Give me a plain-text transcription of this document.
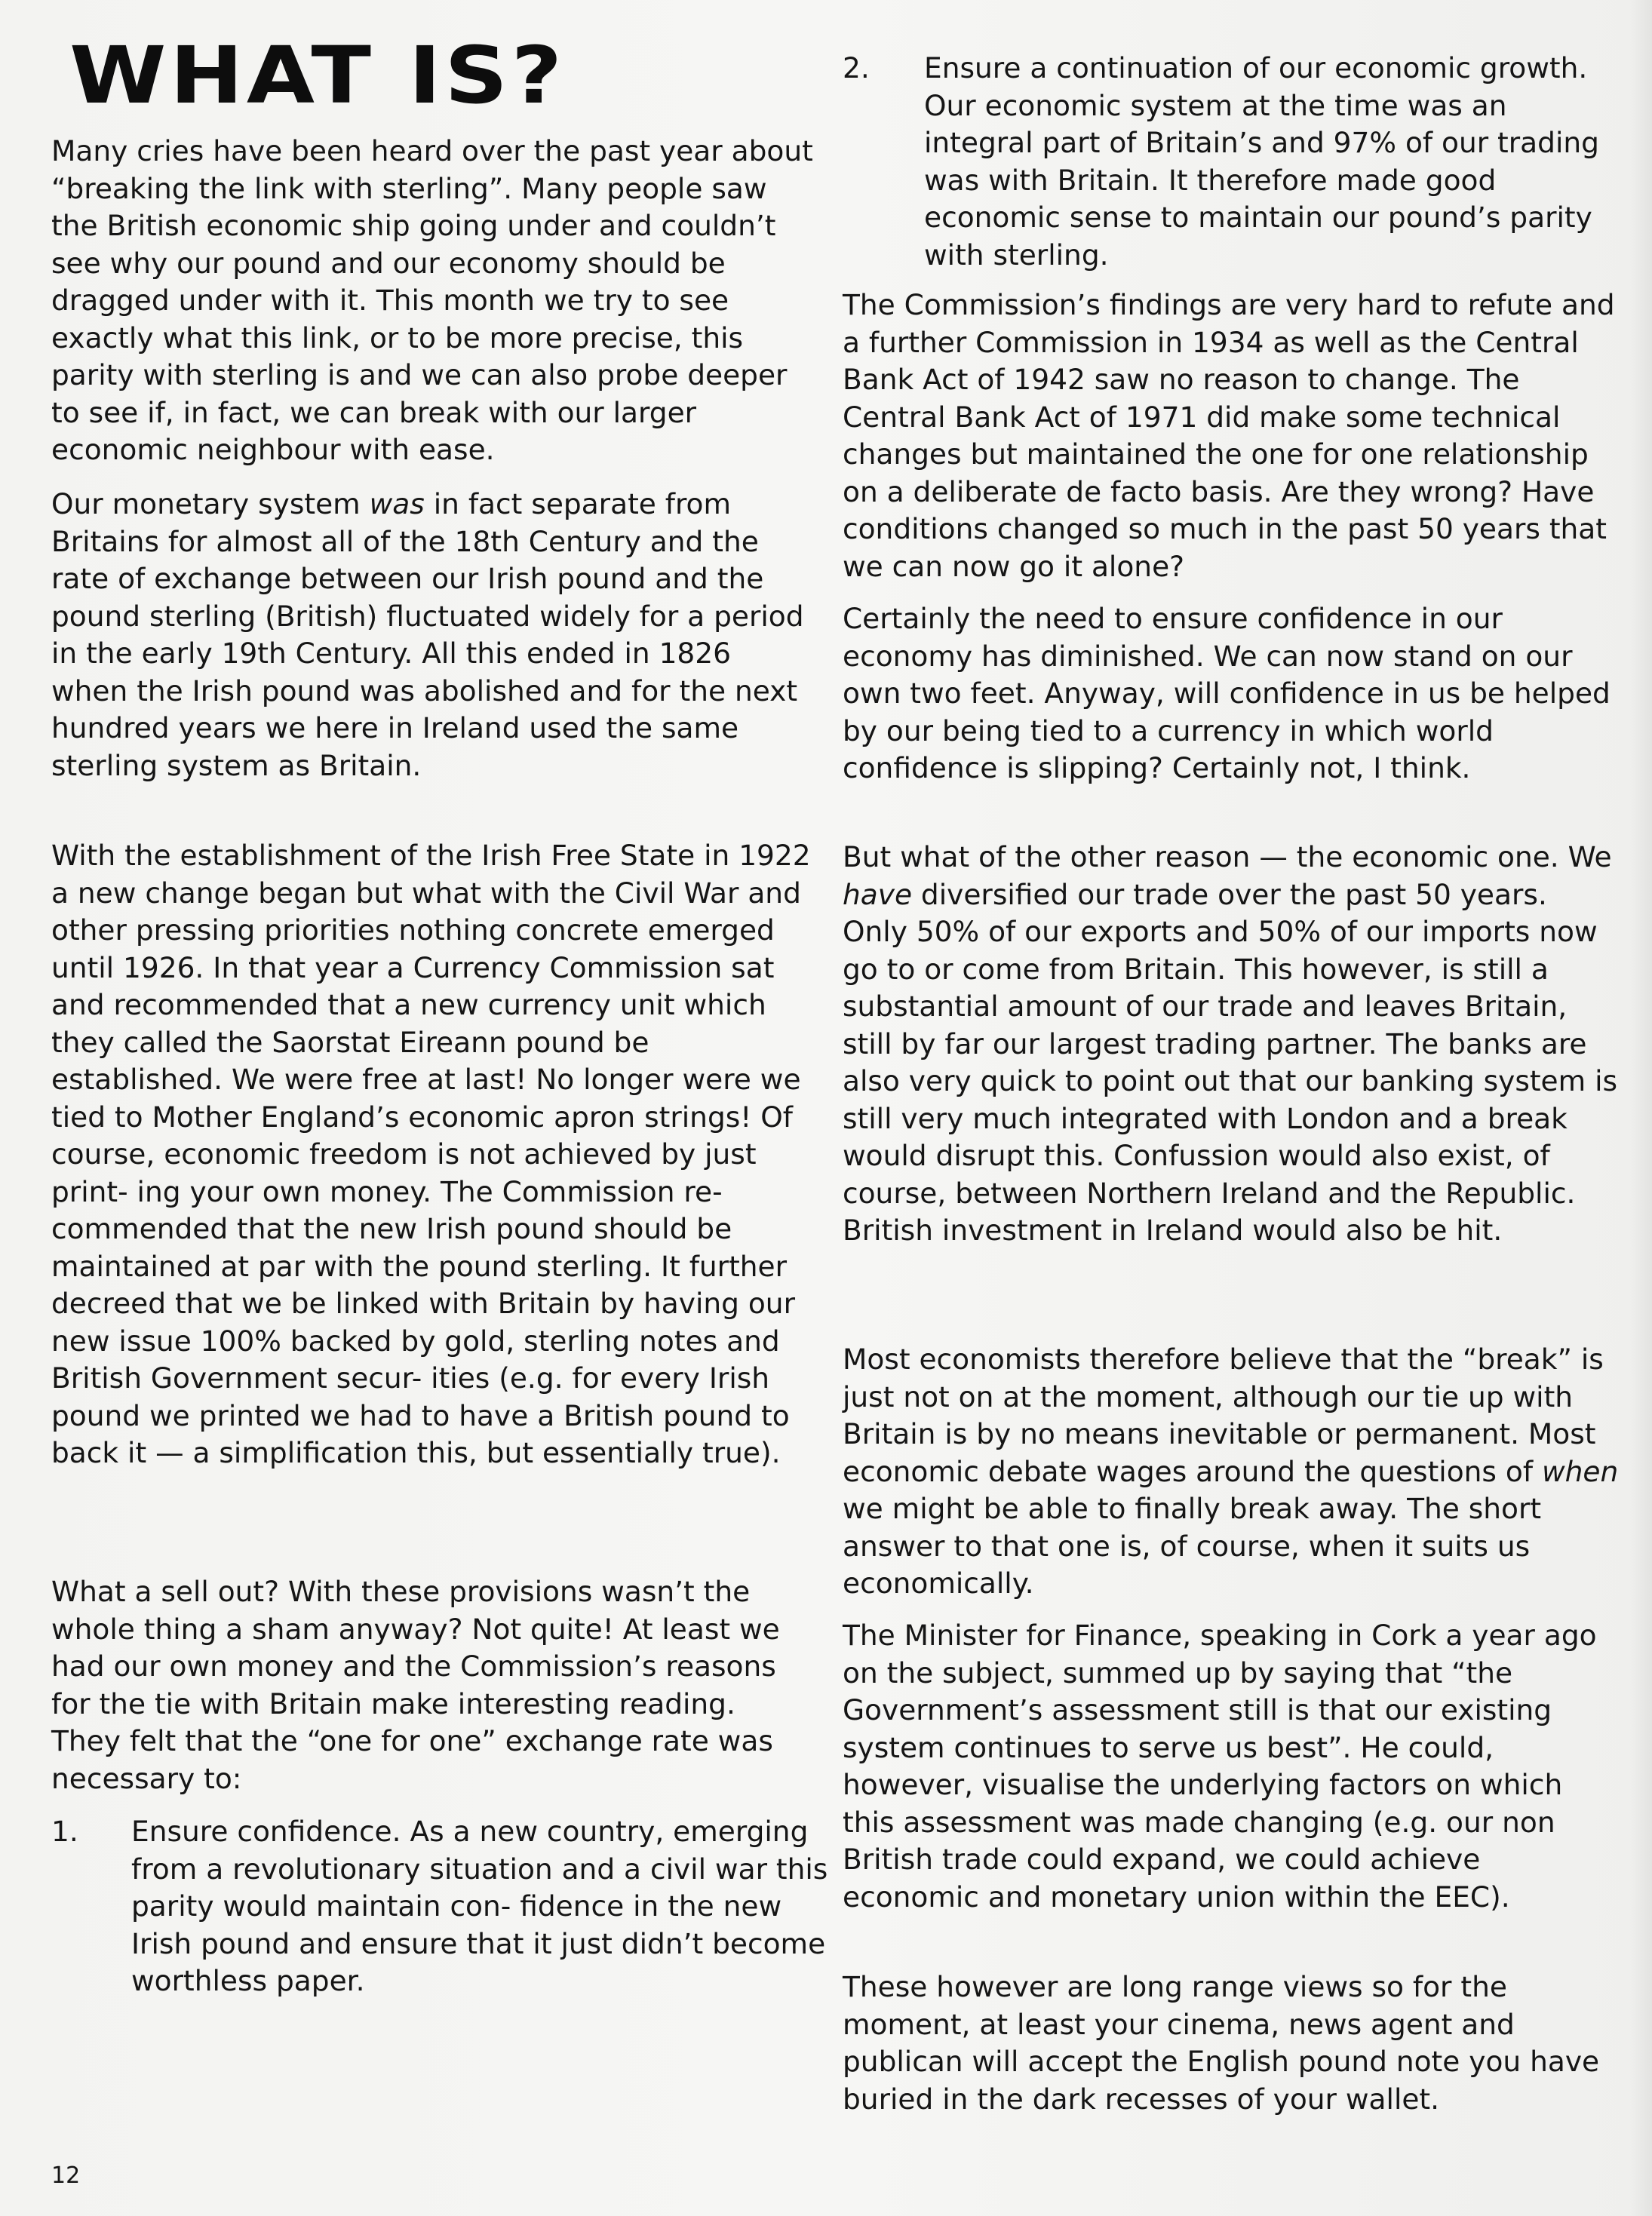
WHAT IS?

Many cries have been heard over the past year about “breaking the link with sterling”. Many people saw the British economic ship going under and couldn’t see why our pound and our economy should be dragged under with it. This month we try to see exactly what this link, or to be more precise, this parity with sterling is and we can also probe deeper to see if, in fact, we can break with our larger economic neighbour with ease.

Our monetary system was in fact separate from Britains for almost all of the 18th Century and the rate of exchange between our Irish pound and the pound sterling (British) fluctuated widely for a period in the early 19th Century. All this ended in 1826 when the Irish pound was abolished and for the next hundred years we here in Ireland used the same sterling system as Britain.

With the establishment of the Irish Free State in 1922 a new change began but what with the Civil War and other pressing priorities nothing concrete emerged until 1926. In that year a Currency Commission sat and recommended that a new currency unit which they called the Saorstat Eireann pound be established. We were free at last! No longer were we tied to Mother England’s economic apron strings! Of course, economic freedom is not achieved by just print- ing your own money. The Commission re- commended that the new Irish pound should be maintained at par with the pound sterling. It further decreed that we be linked with Britain by having our new issue 100% backed by gold, sterling notes and British Government secur- ities (e.g. for every Irish pound we printed we had to have a British pound to back it — a simplification this, but essentially true).

What a sell out? With these provisions wasn’t the whole thing a sham anyway? Not quite! At least we had our own money and the Commission’s reasons for the tie with Britain make interesting reading. They felt that the “one for one” exchange rate was necessary to:

1. Ensure confidence. As a new country, emerging from a revolutionary situation and a civil war this parity would maintain con- fidence in the new Irish pound and ensure that it just didn’t become worthless paper.
2. Ensure a continuation of our economic growth. Our economic system at the time was an integral part of Britain’s and 97% of our trading was with Britain. It therefore made good economic sense to maintain our pound’s parity with sterling.

The Commission’s findings are very hard to refute and a further Commission in 1934 as well as the Central Bank Act of 1942 saw no reason to change. The Central Bank Act of 1971 did make some technical changes but maintained the one for one relationship on a deliberate de facto basis. Are they wrong? Have conditions changed so much in the past 50 years that we can now go it alone?

Certainly the need to ensure confidence in our economy has diminished. We can now stand on our own two feet. Anyway, will confidence in us be helped by our being tied to a currency in which world confidence is slipping? Certainly not, I think.

But what of the other reason — the economic one. We have diversified our trade over the past 50 years. Only 50% of our exports and 50% of our imports now go to or come from Britain. This however, is still a substantial amount of our trade and leaves Britain, still by far our largest trading partner. The banks are also very quick to point out that our banking system is still very much integrated with London and a break would disrupt this. Confussion would also exist, of course, between Northern Ireland and the Republic. British investment in Ireland would also be hit.

Most economists therefore believe that the “break” is just not on at the moment, although our tie up with Britain is by no means inevitable or permanent. Most economic debate wages around the questions of when we might be able to finally break away. The short answer to that one is, of course, when it suits us economically.

The Minister for Finance, speaking in Cork a year ago on the subject, summed up by saying that “the Government’s assessment still is that our existing system continues to serve us best”. He could, however, visualise the underlying factors on which this assessment was made changing (e.g. our non British trade could expand, we could achieve economic and monetary union within the EEC).

These however are long range views so for the moment, at least your cinema, news agent and publican will accept the English pound note you have buried in the dark recesses of your wallet.

12
